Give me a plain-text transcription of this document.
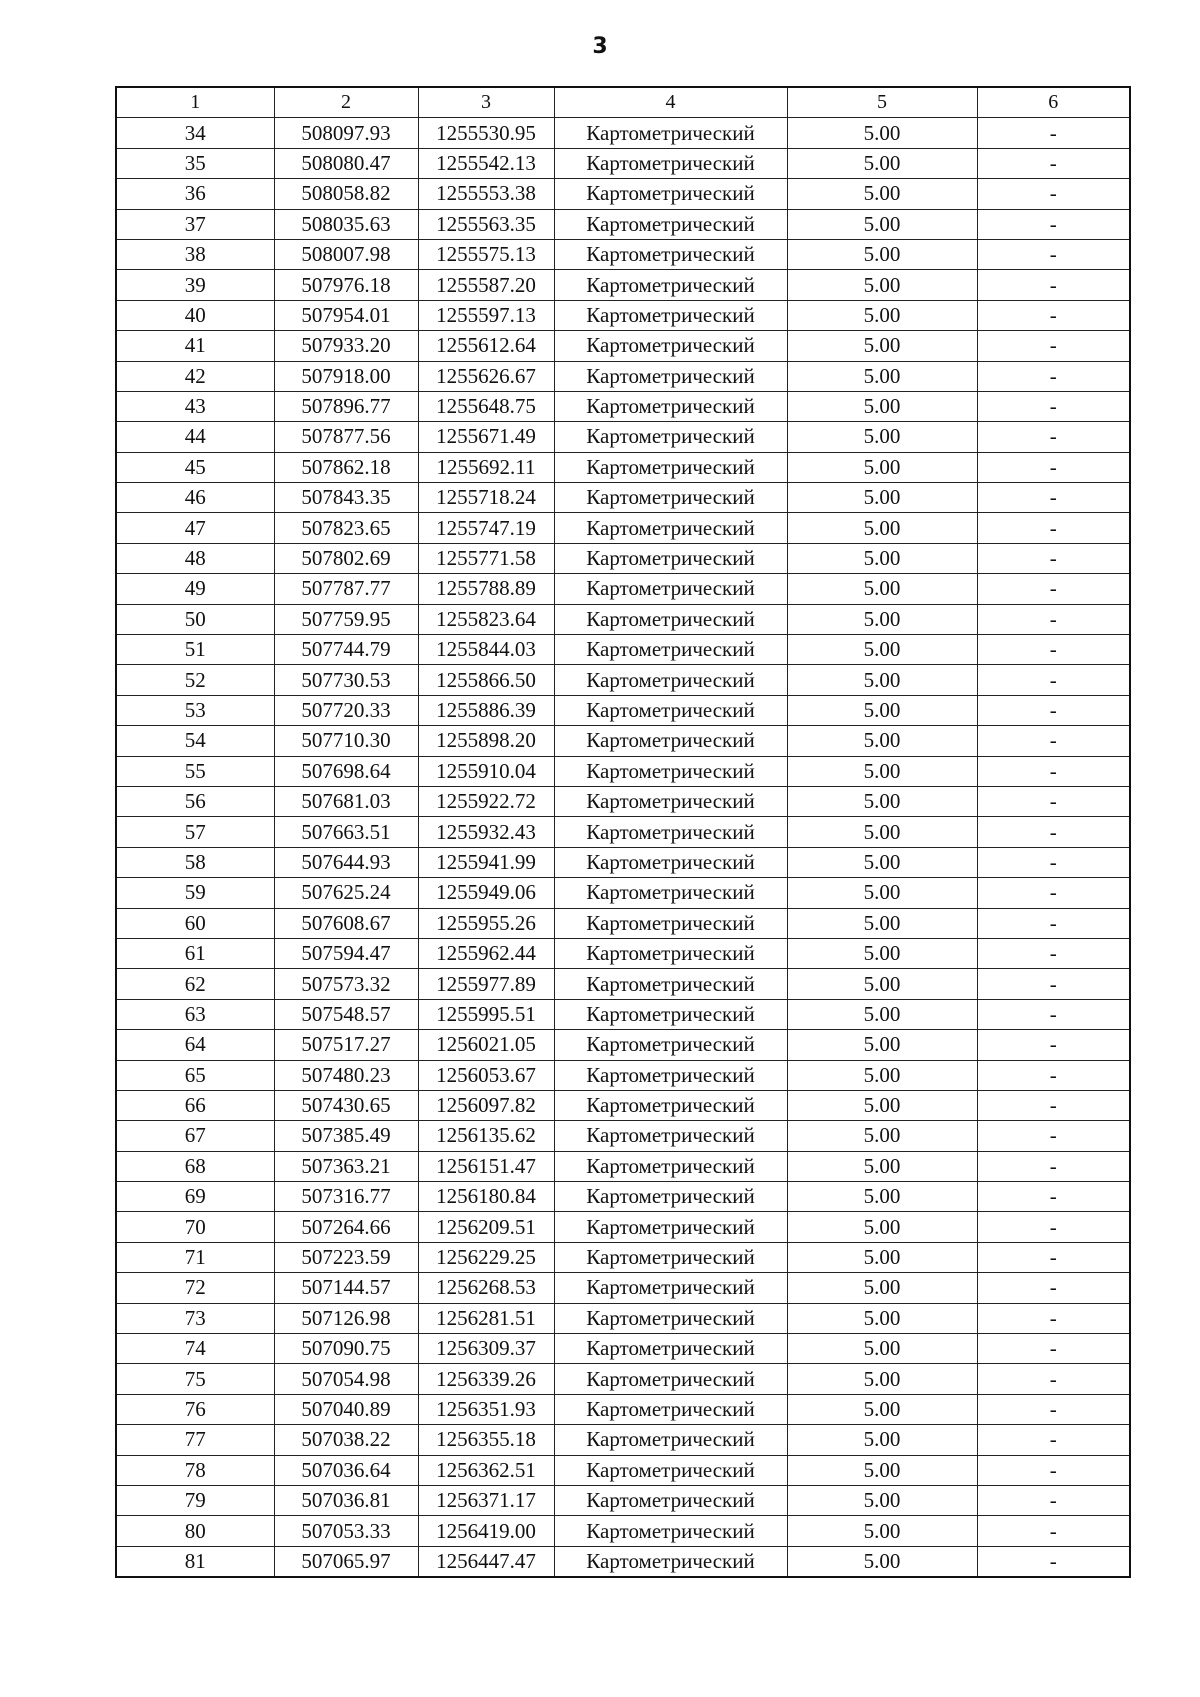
3
1	2	3	4	5	6
34	508097.93	1255530.95	Картометрический	5.00	-
35	508080.47	1255542.13	Картометрический	5.00	-
36	508058.82	1255553.38	Картометрический	5.00	-
37	508035.63	1255563.35	Картометрический	5.00	-
38	508007.98	1255575.13	Картометрический	5.00	-
39	507976.18	1255587.20	Картометрический	5.00	-
40	507954.01	1255597.13	Картометрический	5.00	-
41	507933.20	1255612.64	Картометрический	5.00	-
42	507918.00	1255626.67	Картометрический	5.00	-
43	507896.77	1255648.75	Картометрический	5.00	-
44	507877.56	1255671.49	Картометрический	5.00	-
45	507862.18	1255692.11	Картометрический	5.00	-
46	507843.35	1255718.24	Картометрический	5.00	-
47	507823.65	1255747.19	Картометрический	5.00	-
48	507802.69	1255771.58	Картометрический	5.00	-
49	507787.77	1255788.89	Картометрический	5.00	-
50	507759.95	1255823.64	Картометрический	5.00	-
51	507744.79	1255844.03	Картометрический	5.00	-
52	507730.53	1255866.50	Картометрический	5.00	-
53	507720.33	1255886.39	Картометрический	5.00	-
54	507710.30	1255898.20	Картометрический	5.00	-
55	507698.64	1255910.04	Картометрический	5.00	-
56	507681.03	1255922.72	Картометрический	5.00	-
57	507663.51	1255932.43	Картометрический	5.00	-
58	507644.93	1255941.99	Картометрический	5.00	-
59	507625.24	1255949.06	Картометрический	5.00	-
60	507608.67	1255955.26	Картометрический	5.00	-
61	507594.47	1255962.44	Картометрический	5.00	-
62	507573.32	1255977.89	Картометрический	5.00	-
63	507548.57	1255995.51	Картометрический	5.00	-
64	507517.27	1256021.05	Картометрический	5.00	-
65	507480.23	1256053.67	Картометрический	5.00	-
66	507430.65	1256097.82	Картометрический	5.00	-
67	507385.49	1256135.62	Картометрический	5.00	-
68	507363.21	1256151.47	Картометрический	5.00	-
69	507316.77	1256180.84	Картометрический	5.00	-
70	507264.66	1256209.51	Картометрический	5.00	-
71	507223.59	1256229.25	Картометрический	5.00	-
72	507144.57	1256268.53	Картометрический	5.00	-
73	507126.98	1256281.51	Картометрический	5.00	-
74	507090.75	1256309.37	Картометрический	5.00	-
75	507054.98	1256339.26	Картометрический	5.00	-
76	507040.89	1256351.93	Картометрический	5.00	-
77	507038.22	1256355.18	Картометрический	5.00	-
78	507036.64	1256362.51	Картометрический	5.00	-
79	507036.81	1256371.17	Картометрический	5.00	-
80	507053.33	1256419.00	Картометрический	5.00	-
81	507065.97	1256447.47	Картометрический	5.00	-
